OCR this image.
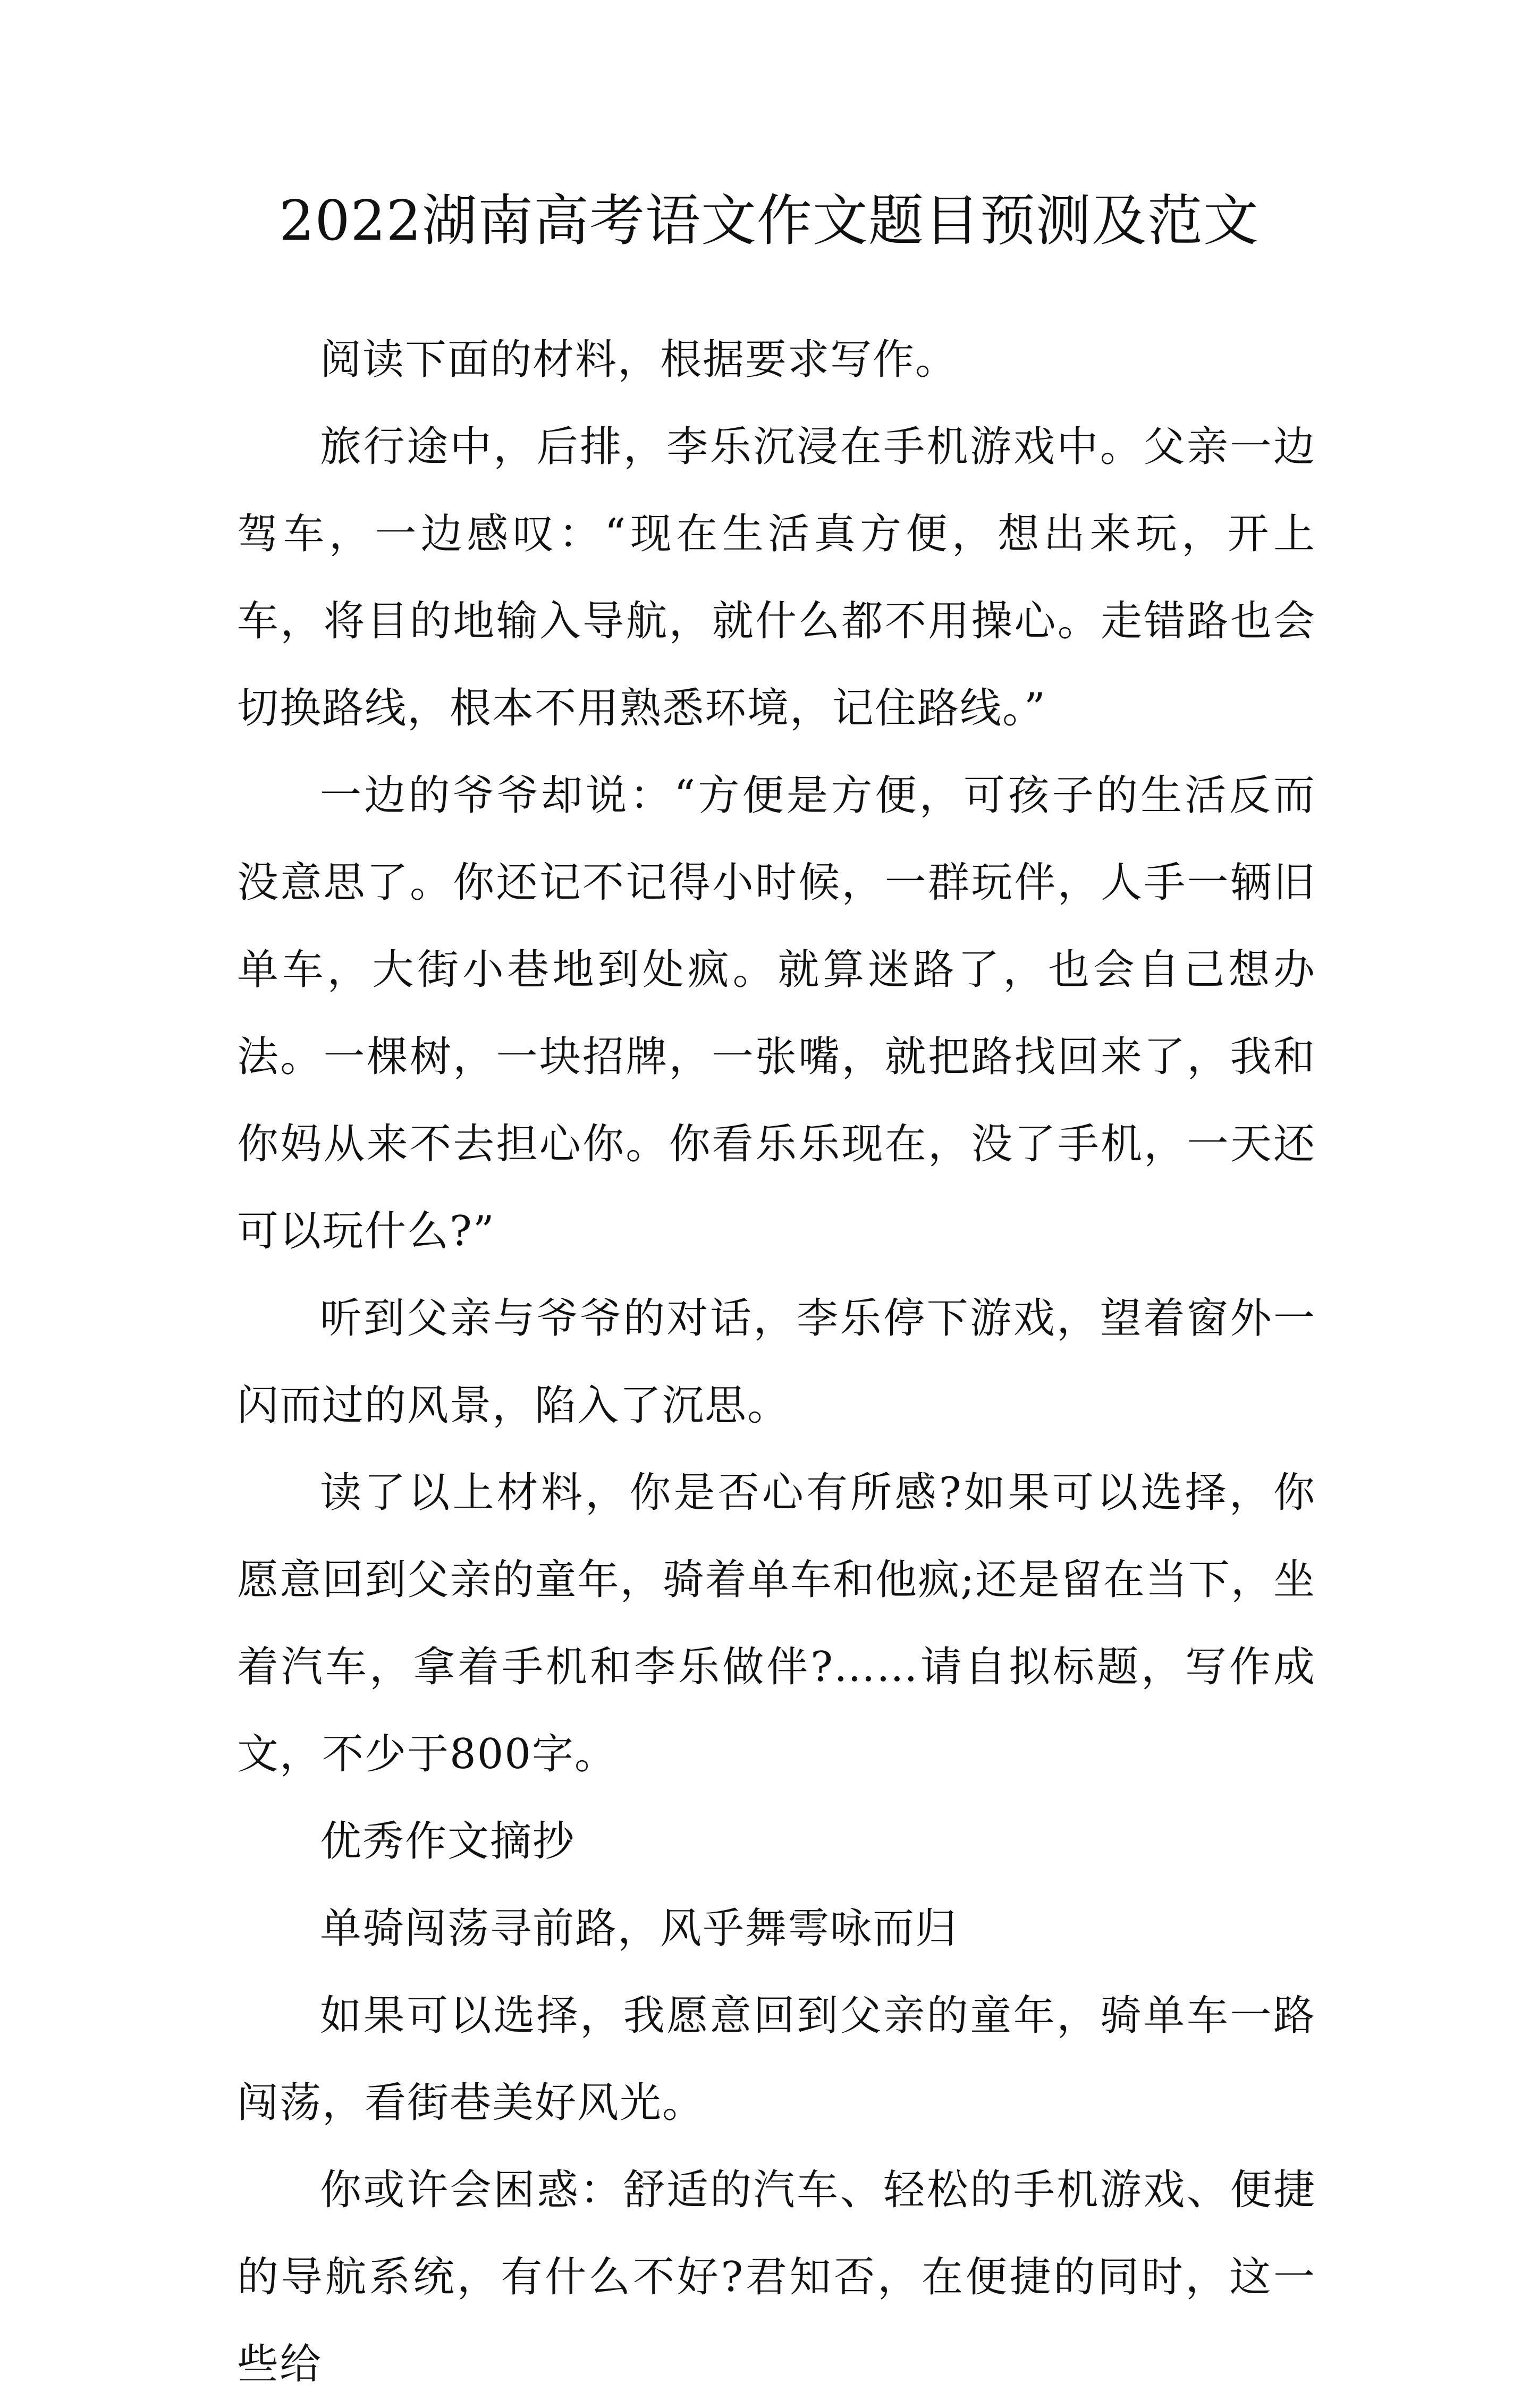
2022湖南高考语文作文题目预测及范文

阅读下面的材料，根据要求写作。

旅行途中，后排，李乐沉浸在手机游戏中。父亲一边驾车，一边感叹：“现在生活真方便，想出来玩，开上车，将目的地输入导航，就什么都不用操心。走错路也会切换路线，根本不用熟悉环境，记住路线。”

一边的爷爷却说：“方便是方便，可孩子的生活反而没意思了。你还记不记得小时候，一群玩伴，人手一辆旧单车，大街小巷地到处疯。就算迷路了，也会自己想办法。一棵树，一块招牌，一张嘴，就把路找回来了，我和你妈从来不去担心你。你看乐乐现在，没了手机，一天还可以玩什么?”

听到父亲与爷爷的对话，李乐停下游戏，望着窗外一闪而过的风景，陷入了沉思。

读了以上材料，你是否心有所感?如果可以选择，你愿意回到父亲的童年，骑着单车和他疯;还是留在当下，坐着汽车，拿着手机和李乐做伴?……请自拟标题，写作成文，不少于800字。

优秀作文摘抄

单骑闯荡寻前路，风乎舞雩咏而归

如果可以选择，我愿意回到父亲的童年，骑单车一路闯荡，看街巷美好风光。

你或许会困惑：舒适的汽车、轻松的手机游戏、便捷的导航系统，有什么不好?君知否，在便捷的同时，这一些给
